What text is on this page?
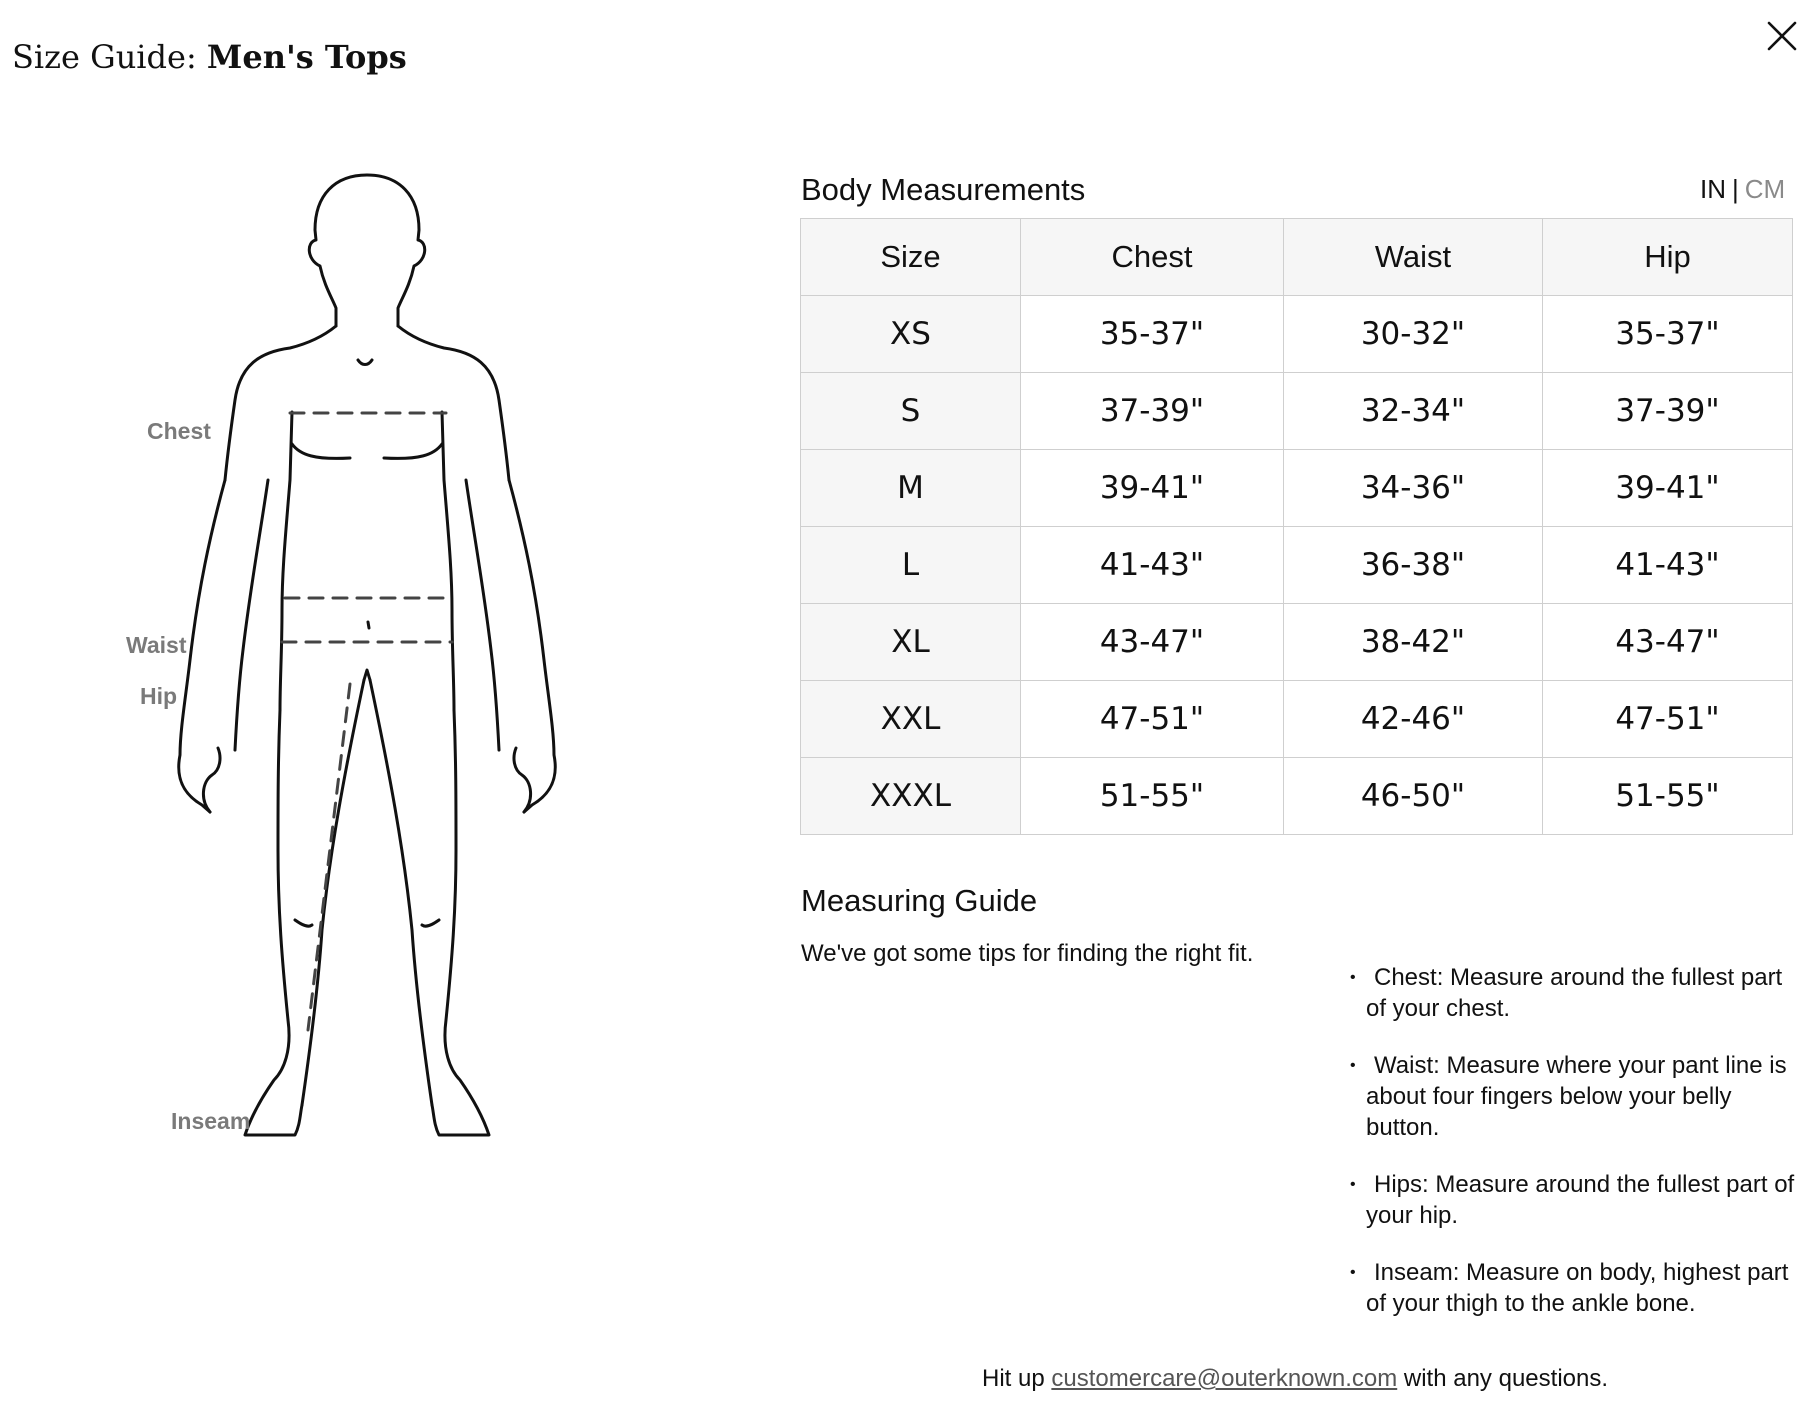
Size Guide: Men's Tops
Chest
Waist
Hip
Inseam
Body Measurements	IN | CM
Size	Chest	Waist	Hip
XS	35-37"	30-32"	35-37"
S	37-39"	32-34"	37-39"
M	39-41"	34-36"	39-41"
L	41-43"	36-38"	41-43"
XL	43-47"	38-42"	43-47"
XXL	47-51"	42-46"	47-51"
XXXL	51-55"	46-50"	51-55"
Measuring Guide
We've got some tips for finding the right fit.
• Chest: Measure around the fullest part of your chest.
• Waist: Measure where your pant line is about four fingers below your belly button.
• Hips: Measure around the fullest part of your hip.
• Inseam: Measure on body, highest part of your thigh to the ankle bone.
Hit up customercare@outerknown.com with any questions.
